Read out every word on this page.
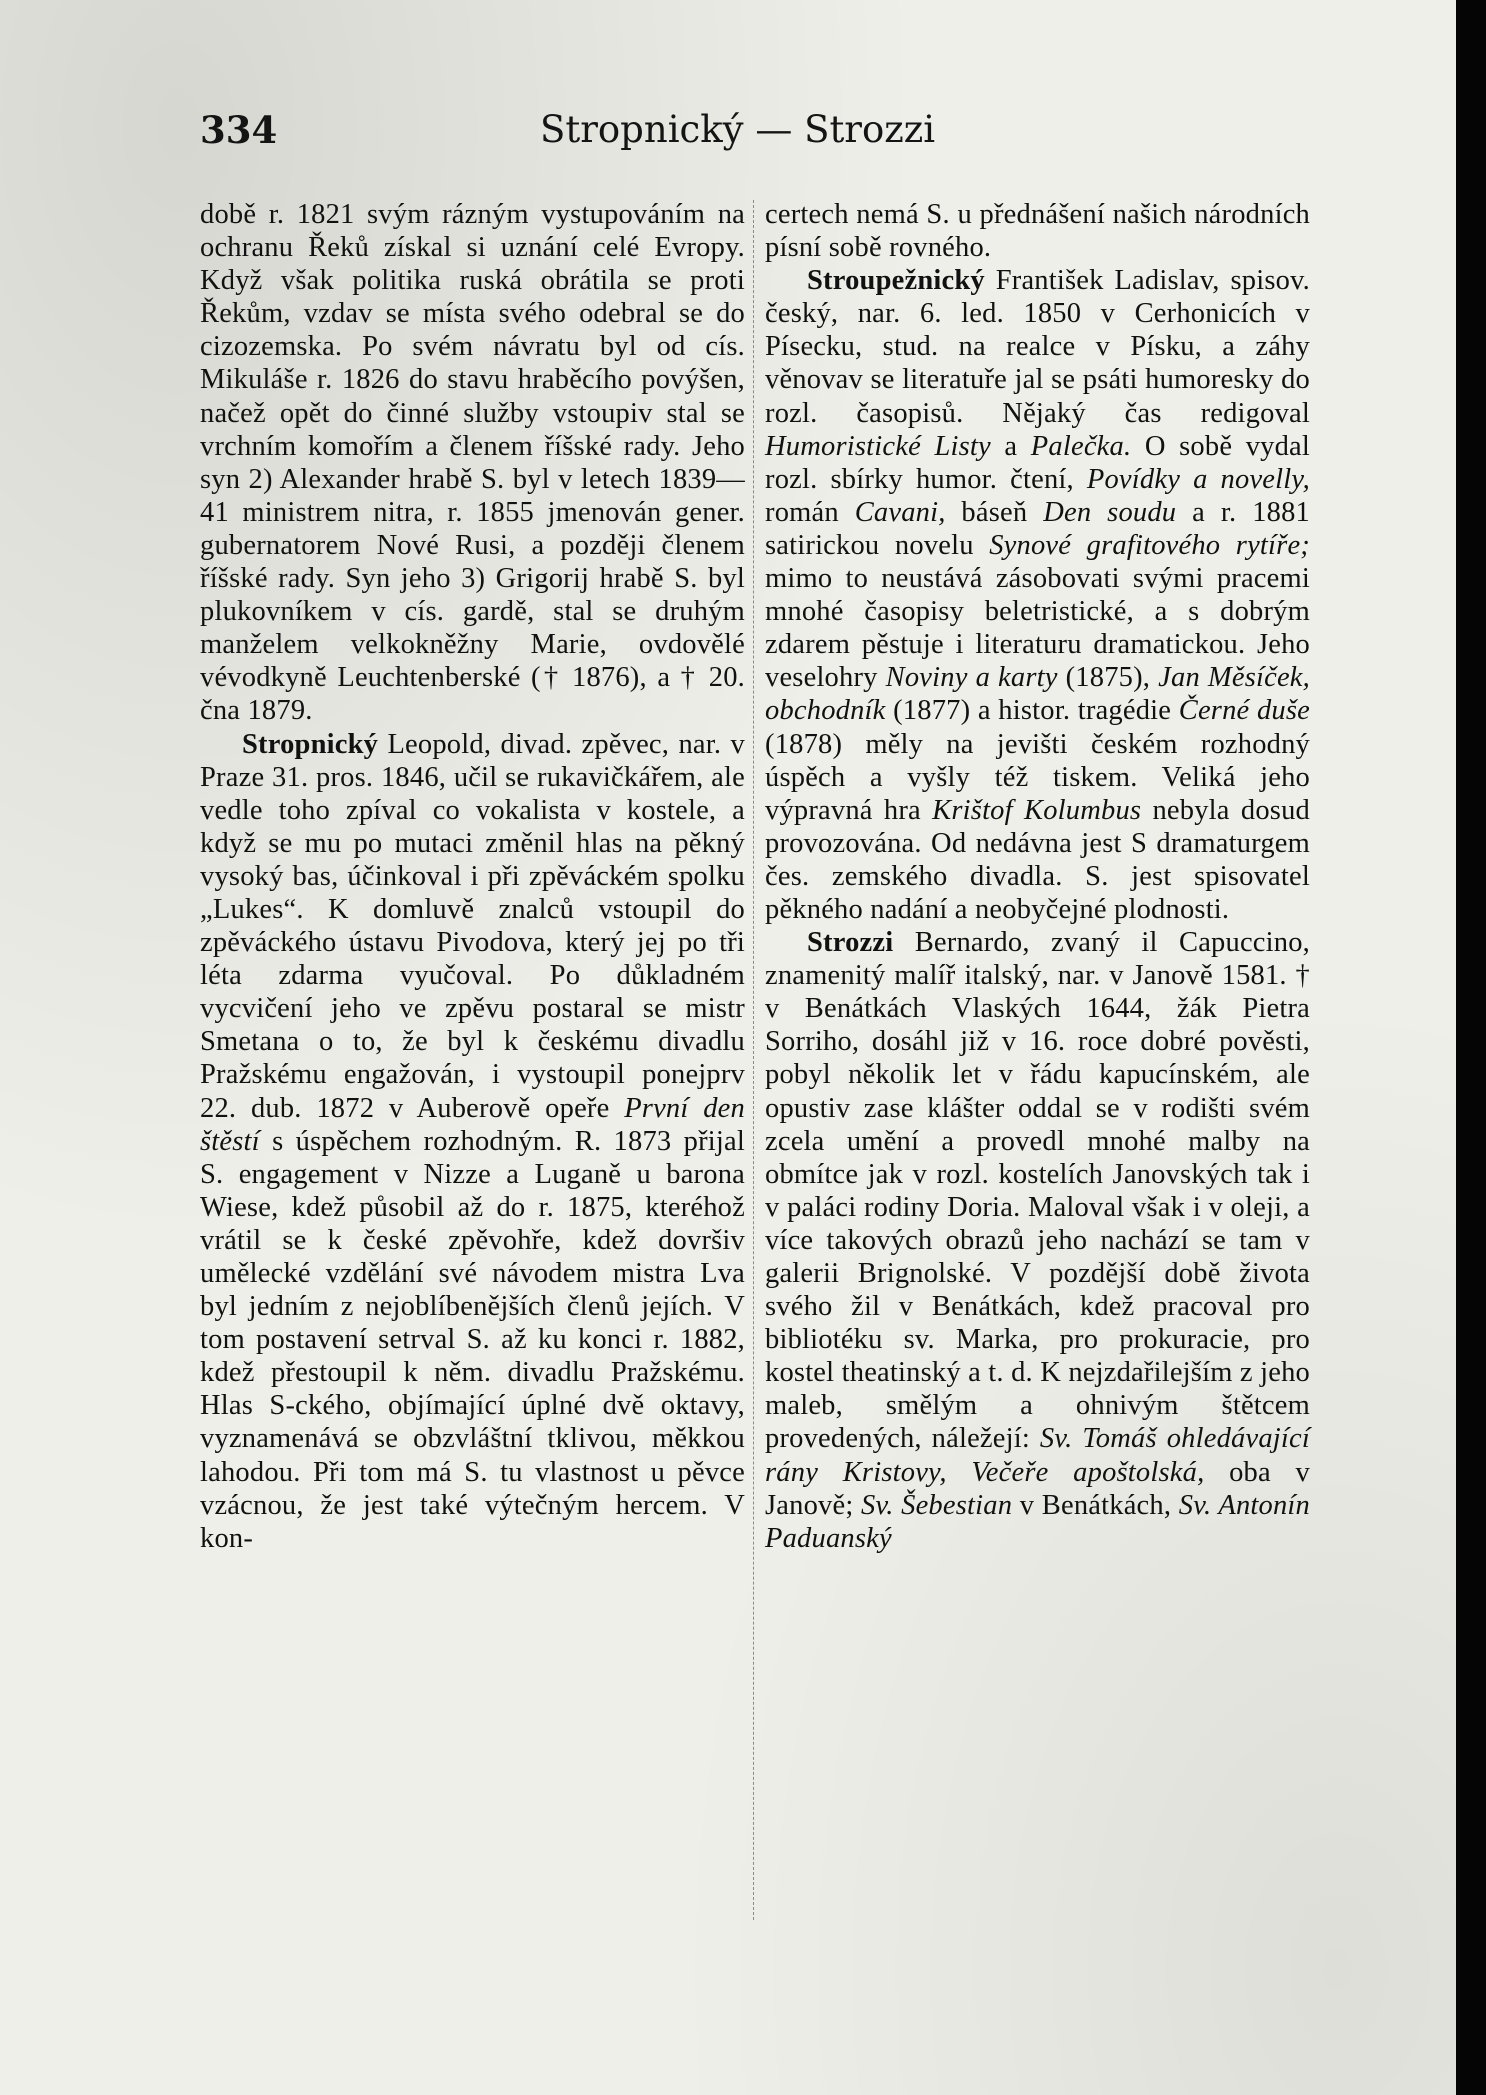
334	Stropnický — Strozzi

době r. 1821 svým rázným vystupováním na ochranu Řeků získal si uznání celé Evropy. Když však politika ruská obrátila se proti Řekům, vzdav se místa svého odebral se do cizozemska. Po svém návratu byl od cís. Mikuláše r. 1826 do stavu hraběcího povýšen, načež opět do činné služby vstoupiv stal se vrchním komořím a členem říšské rady. Jeho syn 2) Alexander hrabě S. byl v letech 1839—41 ministrem nitra, r. 1855 jmenován gener. gubernatorem Nové Rusi, a později členem říšské rady. Syn jeho 3) Grigorij hrabě S. byl plukovníkem v cís. gardě, stal se druhým manželem velkokněžny Marie, ovdovělé vévodkyně Leuchtenberské († 1876), a † 20. čna 1879.

Stropnický Leopold, divad. zpěvec, nar. v Praze 31. pros. 1846, učil se rukavičkářem, ale vedle toho zpíval co vokalista v kostele, a když se mu po mutaci změnil hlas na pěkný vysoký bas, účinkoval i při zpěváckém spolku „Lukes“. K domluvě znalců vstoupil do zpěváckého ústavu Pivodova, který jej po tři léta zdarma vyučoval. Po důkladném vycvičení jeho ve zpěvu postaral se mistr Smetana o to, že byl k českému divadlu Pražskému engažován, i vystoupil ponejprv 22. dub. 1872 v Auberově opeře První den štěstí s úspěchem rozhodným. R. 1873 přijal S. engagement v Nizze a Luganě u barona Wiese, kdež působil až do r. 1875, kteréhož vrátil se k české zpěvohře, kdež dovršiv umělecké vzdělání své návodem mistra Lva byl jedním z nejoblíbenějších členů jejích. V tom postavení setrval S. až ku konci r. 1882, kdež přestoupil k něm. divadlu Pražskému. Hlas S-ckého, objímající úplné dvě oktavy, vyznamenává se obzvláštní tklivou, měkkou lahodou. Při tom má S. tu vlastnost u pěvce vzácnou, že jest také výtečným hercem. V kon-

certech nemá S. u přednášení našich národních písní sobě rovného.

Stroupežnický František Ladislav, spisov. český, nar. 6. led. 1850 v Cerhonicích v Písecku, stud. na realce v Písku, a záhy věnovav se literatuře jal se psáti humoresky do rozl. časopisů. Nějaký čas redigoval Humoristické Listy a Palečka. O sobě vydal rozl. sbírky humor. čtení, Povídky a novelly, román Cavani, báseň Den soudu a r. 1881 satirickou novelu Synové grafitového rytíře; mimo to neustává zásobovati svými pracemi mnohé časopisy beletristické, a s dobrým zdarem pěstuje i literaturu dramatickou. Jeho veselohry Noviny a karty (1875), Jan Měsíček, obchodník (1877) a histor. tragédie Černé duše (1878) měly na jevišti českém rozhodný úspěch a vyšly též tiskem. Veliká jeho výpravná hra Krištof Kolumbus nebyla dosud provozována. Od nedávna jest S dramaturgem čes. zemského divadla. S. jest spisovatel pěkného nadání a neobyčejné plodnosti.

Strozzi Bernardo, zvaný il Capuccino, znamenitý malíř italský, nar. v Janově 1581. † v Benátkách Vlaských 1644, žák Pietra Sorriho, dosáhl již v 16. roce dobré pověsti, pobyl několik let v řádu kapucínském, ale opustiv zase klášter oddal se v rodišti svém zcela umění a provedl mnohé malby na obmítce jak v rozl. kostelích Janovských tak i v paláci rodiny Doria. Maloval však i v oleji, a více takových obrazů jeho nachází se tam v galerii Brignolské. V pozdější době života svého žil v Benátkách, kdež pracoval pro bibliotéku sv. Marka, pro prokuracie, pro kostel theatinský a t. d. K nejzdařilejším z jeho maleb, smělým a ohnivým štětcem provedených, náležejí: Sv. Tomáš ohledávající rány Kristovy, Večeře apoštolská, oba v Janově; Sv. Šebestian v Benátkách, Sv. Antonín Paduanský
